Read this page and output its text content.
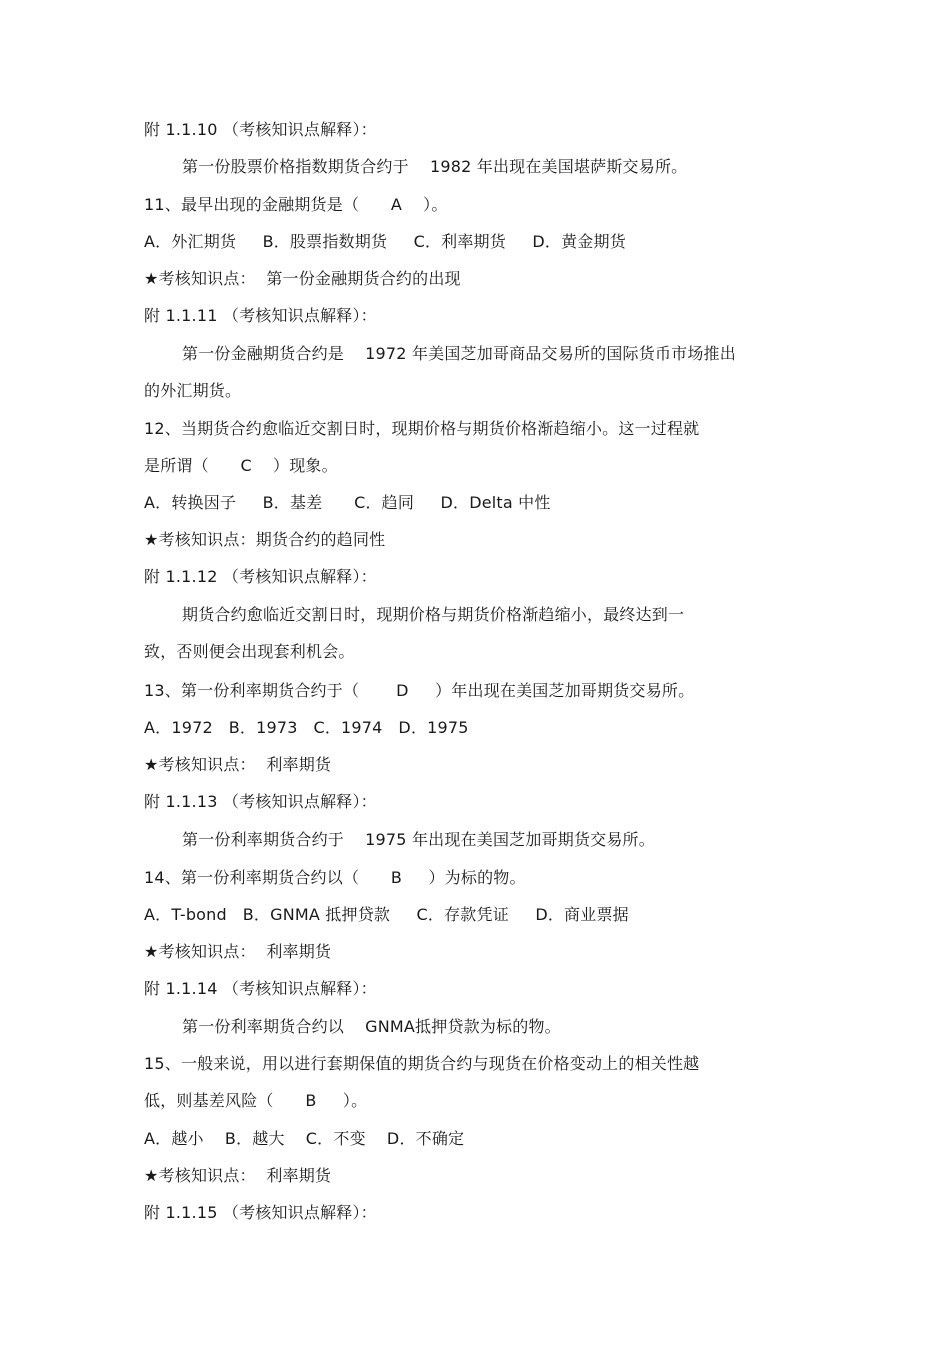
附 1.1.10 （考核知识点解释）：
第一份股票价格指数期货合约于    1982 年出现在美国堪萨斯交易所。
11、最早出现的金融期货是（      A    ）。
A．外汇期货     B．股票指数期货     C．利率期货     D．黄金期货
★考核知识点：  第一份金融期货合约的出现
附 1.1.11 （考核知识点解释）：
第一份金融期货合约是    1972 年美国芝加哥商品交易所的国际货币市场推出
的外汇期货。
12、当期货合约愈临近交割日时，现期价格与期货价格渐趋缩小。这一过程就
是所谓（      C    ）现象。
A．转换因子     B．基差      C．趋同     D．Delta 中性
★考核知识点：期货合约的趋同性
附 1.1.12 （考核知识点解释）：
期货合约愈临近交割日时，现期价格与期货价格渐趋缩小，最终达到一
致，否则便会出现套利机会。
13、第一份利率期货合约于（       D     ）年出现在美国芝加哥期货交易所。
A．1972   B．1973   C．1974   D．1975
★考核知识点：  利率期货
附 1.1.13 （考核知识点解释）：
第一份利率期货合约于    1975 年出现在美国芝加哥期货交易所。
14、第一份利率期货合约以（      B     ）为标的物。
A．T-bond   B．GNMA 抵押贷款     C．存款凭证     D．商业票据
★考核知识点：  利率期货
附 1.1.14 （考核知识点解释）：
第一份利率期货合约以    GNMA抵押贷款为标的物。
15、一般来说，用以进行套期保值的期货合约与现货在价格变动上的相关性越
低，则基差风险（      B     ）。
A．越小    B．越大    C．不变    D．不确定
★考核知识点：  利率期货
附 1.1.15 （考核知识点解释）：
